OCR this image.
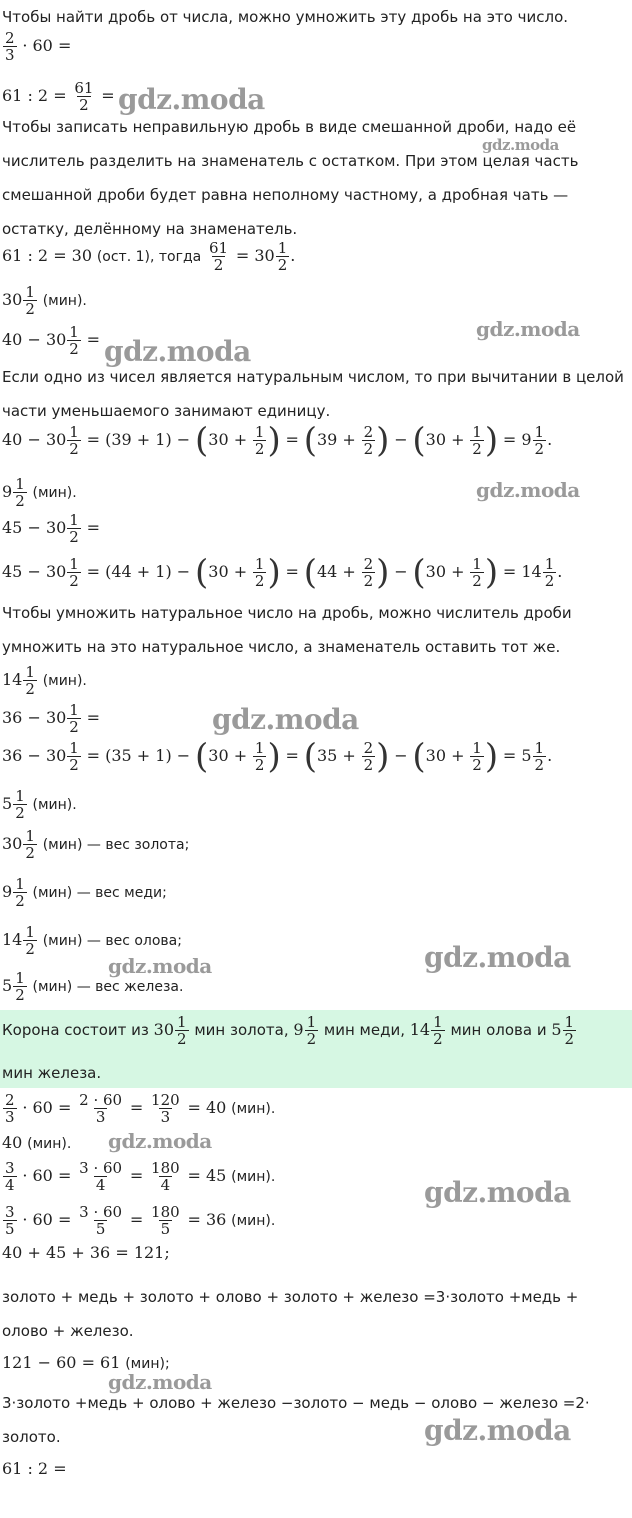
Чтобы найти дробь от числа, можно умножить эту дробь на это число.
$\frac{2}{3} \cdot 60$ =
61 : $2 = \frac{61}{2}$ =
Чтобы записать неправильную дробь в виде смешанной дроби, надо её
числитель разделить на знаменатель с остатком. При этом целая часть
смешанной дроби будет равна неполному частному, а дробная чать —
остатку, делённому на знаменатель.
61 : 2 = 30 (ост. 1), тогда $\frac{61}{2} = 30 \frac{1}{2}$ .
$30 \frac{1}{2} (мин)$.
$40 - 30 \frac{1}{2}$ =
Если одно из чисел является натуральным числом, то при вычитании в целой
части уменьшаемого занимают единицу.
$40 - 30 \frac{1}{2} = (39 + 1) - (30 + \frac{1}{2}$ ) = ($39 + \frac{2}{2}$ ) − ($30 + \frac{1}{2}$ ) = $9 \frac{1}{2}$ .
$9 \frac{1}{2} (мин)$.
$45 - 30 \frac{1}{2}$ =
$45 - 30 \frac{1}{2} = (44 + 1) - (30 + \frac{1}{2}$ ) = ($44 + \frac{2}{2}$ ) − ($30 + \frac{1}{2}$ ) = $14 \frac{1}{2}$ .
Чтобы умножить натуральное число на дробь, можно числитель дроби
умножить на это натуральное число, а знаменатель оставить тот же.
$14 \frac{1}{2} (мин)$.
$36 - 30 \frac{1}{2}$ =
$36 - 30 \frac{1}{2} = (35 + 1) - (30 + \frac{1}{2}$ ) = ($35 + \frac{2}{2}$ ) − ($30 + \frac{1}{2}$ ) = $5 \frac{1}{2}$ .
$5 \frac{1}{2} (мин)$.
$30 \frac{1}{2} (мин)$ — вес золота;
$9 \frac{1}{2} (мин)$ — вес меди;
$14 \frac{1}{2} (мин)$ — вес олова;
$5 \frac{1}{2} (мин)$ — вес железа.
Корона состоит из $30 \frac{1}{2}$ мин золота, $9 \frac{1}{2}$ мин меди, $14 \frac{1}{2}$ мин олова и $5 \frac{1}{2}$
мин железа.
$\frac{2}{3} \cdot 60 = \frac{2 \cdot 60}{3} = \frac{120}{3} = 40$ (мин).
40 (мин).
$\frac{3}{4} \cdot 60 = \frac{3 \cdot 60}{4} = \frac{180}{4} = 45$ (мин).
$\frac{3}{5} \cdot 60 = \frac{3 \cdot 60}{5} = \frac{180}{5} = 36$ (мин).
40 + 45 + 36 = 121;
золото + медь + золото + олово + золото + железо =3·золото +медь +
олово + железо.
121 − 60 = 61 (мин);
3·золото +медь + олово + железо −золото − медь − олово − железо =2·
золото.
61 : 2 =
gdz.moda
gdz.moda
gdz.moda
gdz.moda
gdz.moda
gdz.moda
gdz.moda	gdz.moda
gdz.moda
gdz.moda
gdz.moda
gdz.moda
